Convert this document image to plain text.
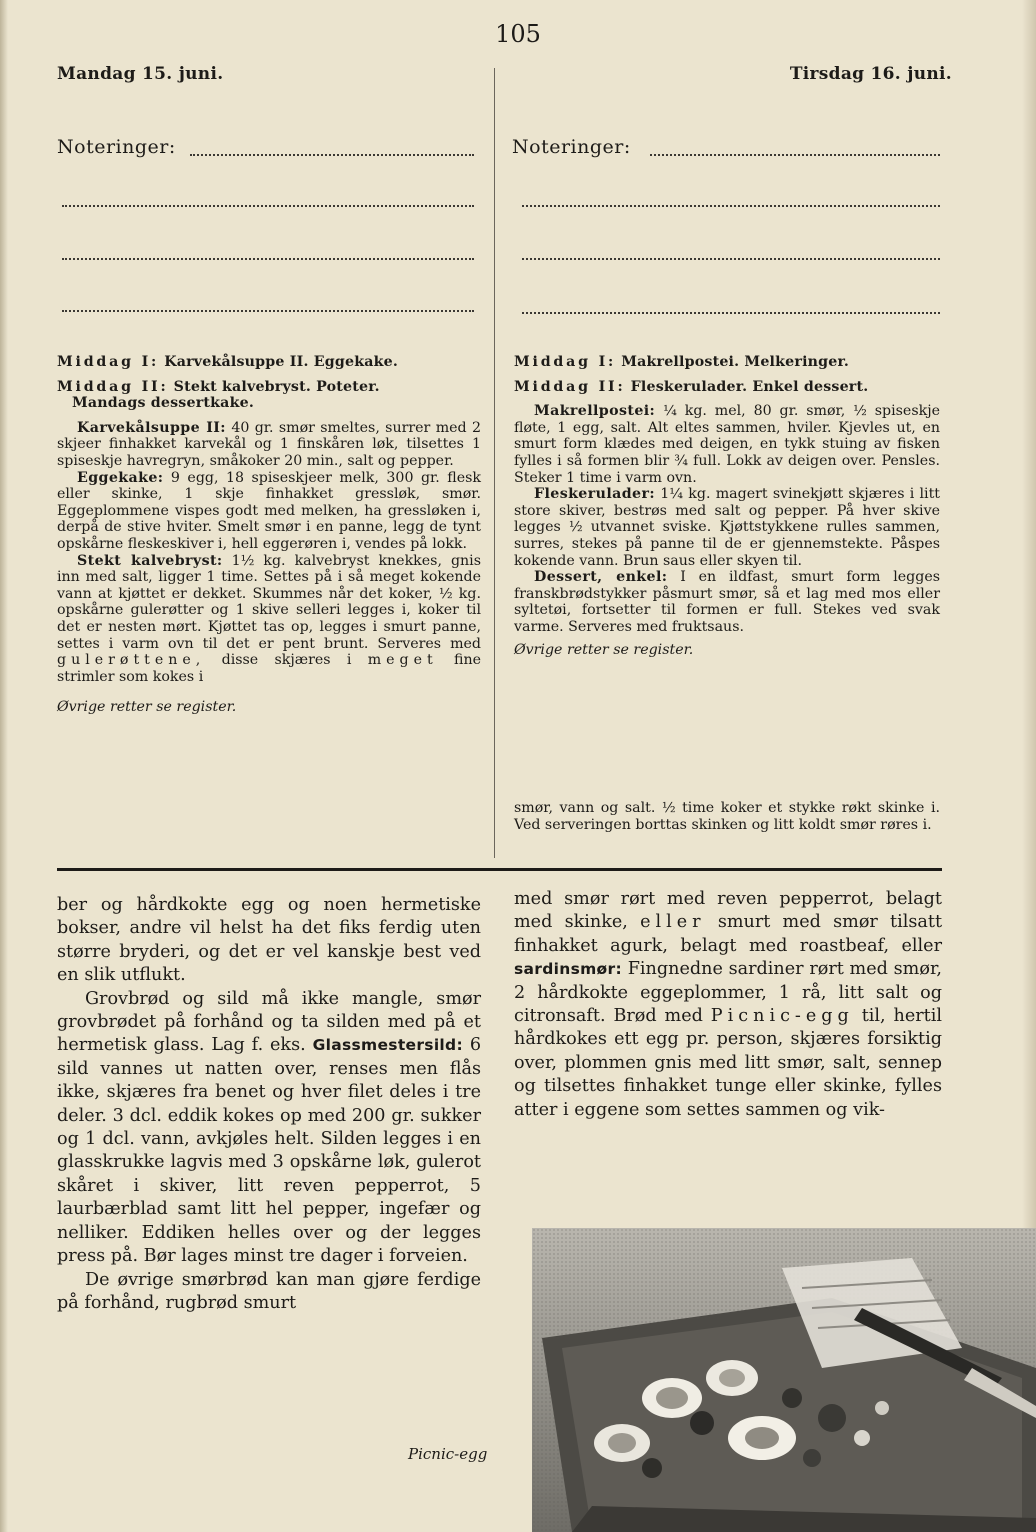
105
Mandag 15. juni.	Tirsdag 16. juni.
Noteringer:	Noteringer:
Middag I: Karvekålsuppe II. Eggekake.
Middag II: Stekt kalvebryst. Poteter.
Mandags dessertkake.

Karvekålsuppe II: 40 gr. smør smeltes, surrer med 2 skjeer finhakket karvekål og 1 finskåren løk, tilsettes 1 spiseskje havregryn, småkoker 20 min., salt og pepper.

Eggekake: 9 egg, 18 spiseskjeer melk, 300 gr. flesk eller skinke, 1 skje finhakket gressløk, smør. Eggeplommene vispes godt med melken, ha gressløken i, derpå de stive hviter. Smelt smør i en panne, legg de tynt opskårne fleskeskiver i, hell eggerøren i, vendes på lokk.

Stekt kalvebryst: 1½ kg. kalvebryst knekkes, gnis inn med salt, ligger 1 time. Settes på i så meget kokende vann at kjøttet er dekket. Skummes når det koker, ½ kg. opskårne gulerøtter og 1 skive selleri legges i, koker til det er nesten mørt. Kjøttet tas op, legges i smurt panne, settes i varm ovn til det er pent brunt. Serveres med gulerøttene, disse skjæres i meget fine strimler som kokes i

Øvrige retter se register.
Middag I: Makrellpostei. Melkeringer.
Middag II: Fleskerulader. Enkel dessert.

Makrellpostei: ¼ kg. mel, 80 gr. smør, ½ spiseskje fløte, 1 egg, salt. Alt eltes sammen, hviler. Kjevles ut, en smurt form klædes med deigen, en tykk stuing av fisken fylles i så formen blir ¾ full. Lokk av deigen over. Pensles. Steker 1 time i varm ovn.

Fleskerulader: 1¼ kg. magert svinekjøtt skjæres i litt store skiver, bestrøs med salt og pepper. På hver skive legges ½ utvannet sviske. Kjøttstykkene rulles sammen, surres, stekes på panne til de er gjennemstekte. Påspes kokende vann. Brun saus eller skyen til.

Dessert, enkel: I en ildfast, smurt form legges franskbrødstykker påsmurt smør, så et lag med mos eller syltetøi, fortsetter til formen er full. Stekes ved svak varme. Serveres med fruktsaus.

Øvrige retter se register.
smør, vann og salt. ½ time koker et stykke røkt skinke i. Ved serveringen borttas skinken og litt koldt smør røres i.

ber og hårdkokte egg og noen hermetiske bokser, andre vil helst ha det fiks ferdig uten større bryderi, og det er vel kanskje best ved en slik utflukt.

Grovbrød og sild må ikke mangle, smør grovbrødet på forhånd og ta silden med på et hermetisk glass. Lag f. eks. Glassmestersild: 6 sild vannes ut natten over, renses men flås ikke, skjæres fra benet og hver filet deles i tre deler. 3 dcl. eddik kokes op med 200 gr. sukker og 1 dcl. vann, avkjøles helt. Silden legges i en glasskrukke lagvis med 3 opskårne løk, gulerot skåret i skiver, litt reven pepperrot, 5 laurbærblad samt litt hel pepper, ingefær og nelliker. Eddiken helles over og der legges press på. Bør lages minst tre dager i forveien.

De øvrige smørbrød kan man gjøre ferdige på forhånd, rugbrød smurt

med smør rørt med reven pepperrot, belagt med skinke, eller smurt med smør tilsatt finhakket agurk, belagt med roastbeaf, eller sardinsmør: Fingnedne sardiner rørt med smør, 2 hårdkokte eggeplommer, 1 rå, litt salt og citronsaft. Brød med Picnic-egg til, hertil hårdkokes ett egg pr. person, skjæres forsiktig over, plommen gnis med litt smør, salt, sennep og tilsettes finhakket tunge eller skinke, fylles atter i eggene som settes sammen og vik-

Picnic-egg
